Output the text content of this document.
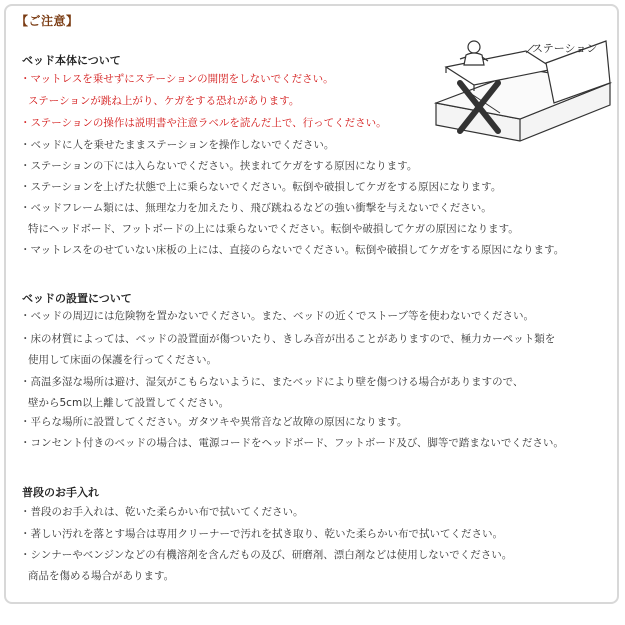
【ご注意】
ベッド本体について
・マットレスを乗せずにステーションの開閉をしないでください。
ステーションが跳ね上がり、ケガをする恐れがあります。
・ステーションの操作は説明書や注意ラベルを読んだ上で、行ってください。
・ベッドに人を乗せたままステーションを操作しないでください。
・ステーションの下には入らないでください。挟まれてケガをする原因になります。
・ステーションを上げた状態で上に乗らないでください。転倒や破損してケガをする原因になります。
・ベッドフレーム類には、無理な力を加えたり、飛び跳ねるなどの強い衝撃を与えないでください。
特にヘッドボード、フットボードの上には乗らないでください。転倒や破損してケガの原因になります。
・マットレスをのせていない床板の上には、直接のらないでください。転倒や破損してケガをする原因になります。
ステーション
ベッドの設置について
・ベッドの周辺には危険物を置かないでください。また、ベッドの近くでストーブ等を使わないでください。
・床の材質によっては、ベッドの設置面が傷ついたり、きしみ音が出ることがありますので、極力カーペット類を
使用して床面の保護を行ってください。
・高温多湿な場所は避け、湿気がこもらないように、またベッドにより壁を傷つける場合がありますので、
壁から5cm以上離して設置してください。
・平らな場所に設置してください。ガタツキや異常音など故障の原因になります。
・コンセント付きのベッドの場合は、電源コードをヘッドボード、フットボード及び、脚等で踏まないでください。
普段のお手入れ
・普段のお手入れは、乾いた柔らかい布で拭いてください。
・著しい汚れを落とす場合は専用クリーナーで汚れを拭き取り、乾いた柔らかい布で拭いてください。
・シンナーやベンジンなどの有機溶剤を含んだもの及び、研磨剤、漂白剤などは使用しないでください。
商品を傷める場合があります。
